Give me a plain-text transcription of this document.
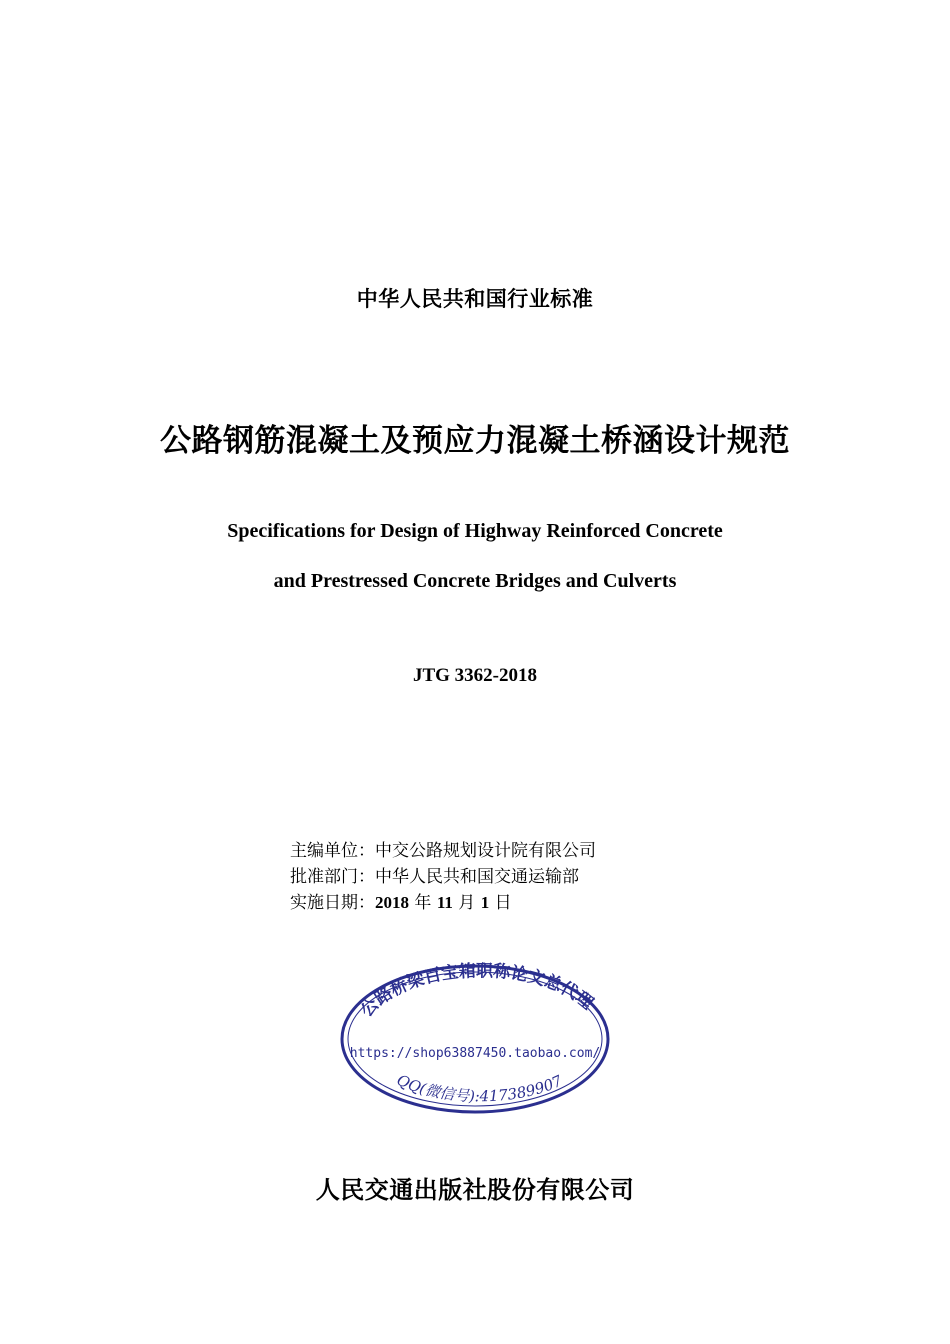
中华人民共和国行业标准
公路钢筋混凝土及预应力混凝土桥涵设计规范
Specifications for Design of Highway Reinforced Concrete
and Prestressed Concrete Bridges and Culverts
JTG 3362-2018
主编单位：中交公路规划设计院有限公司
批准部门：中华人民共和国交通运输部
实施日期：2018 年 11 月 1 日
公路桥梁百宝箱职称论文总代理
https://shop63887450.taobao.com/
QQ(微信号):417389907
人民交通出版社股份有限公司
